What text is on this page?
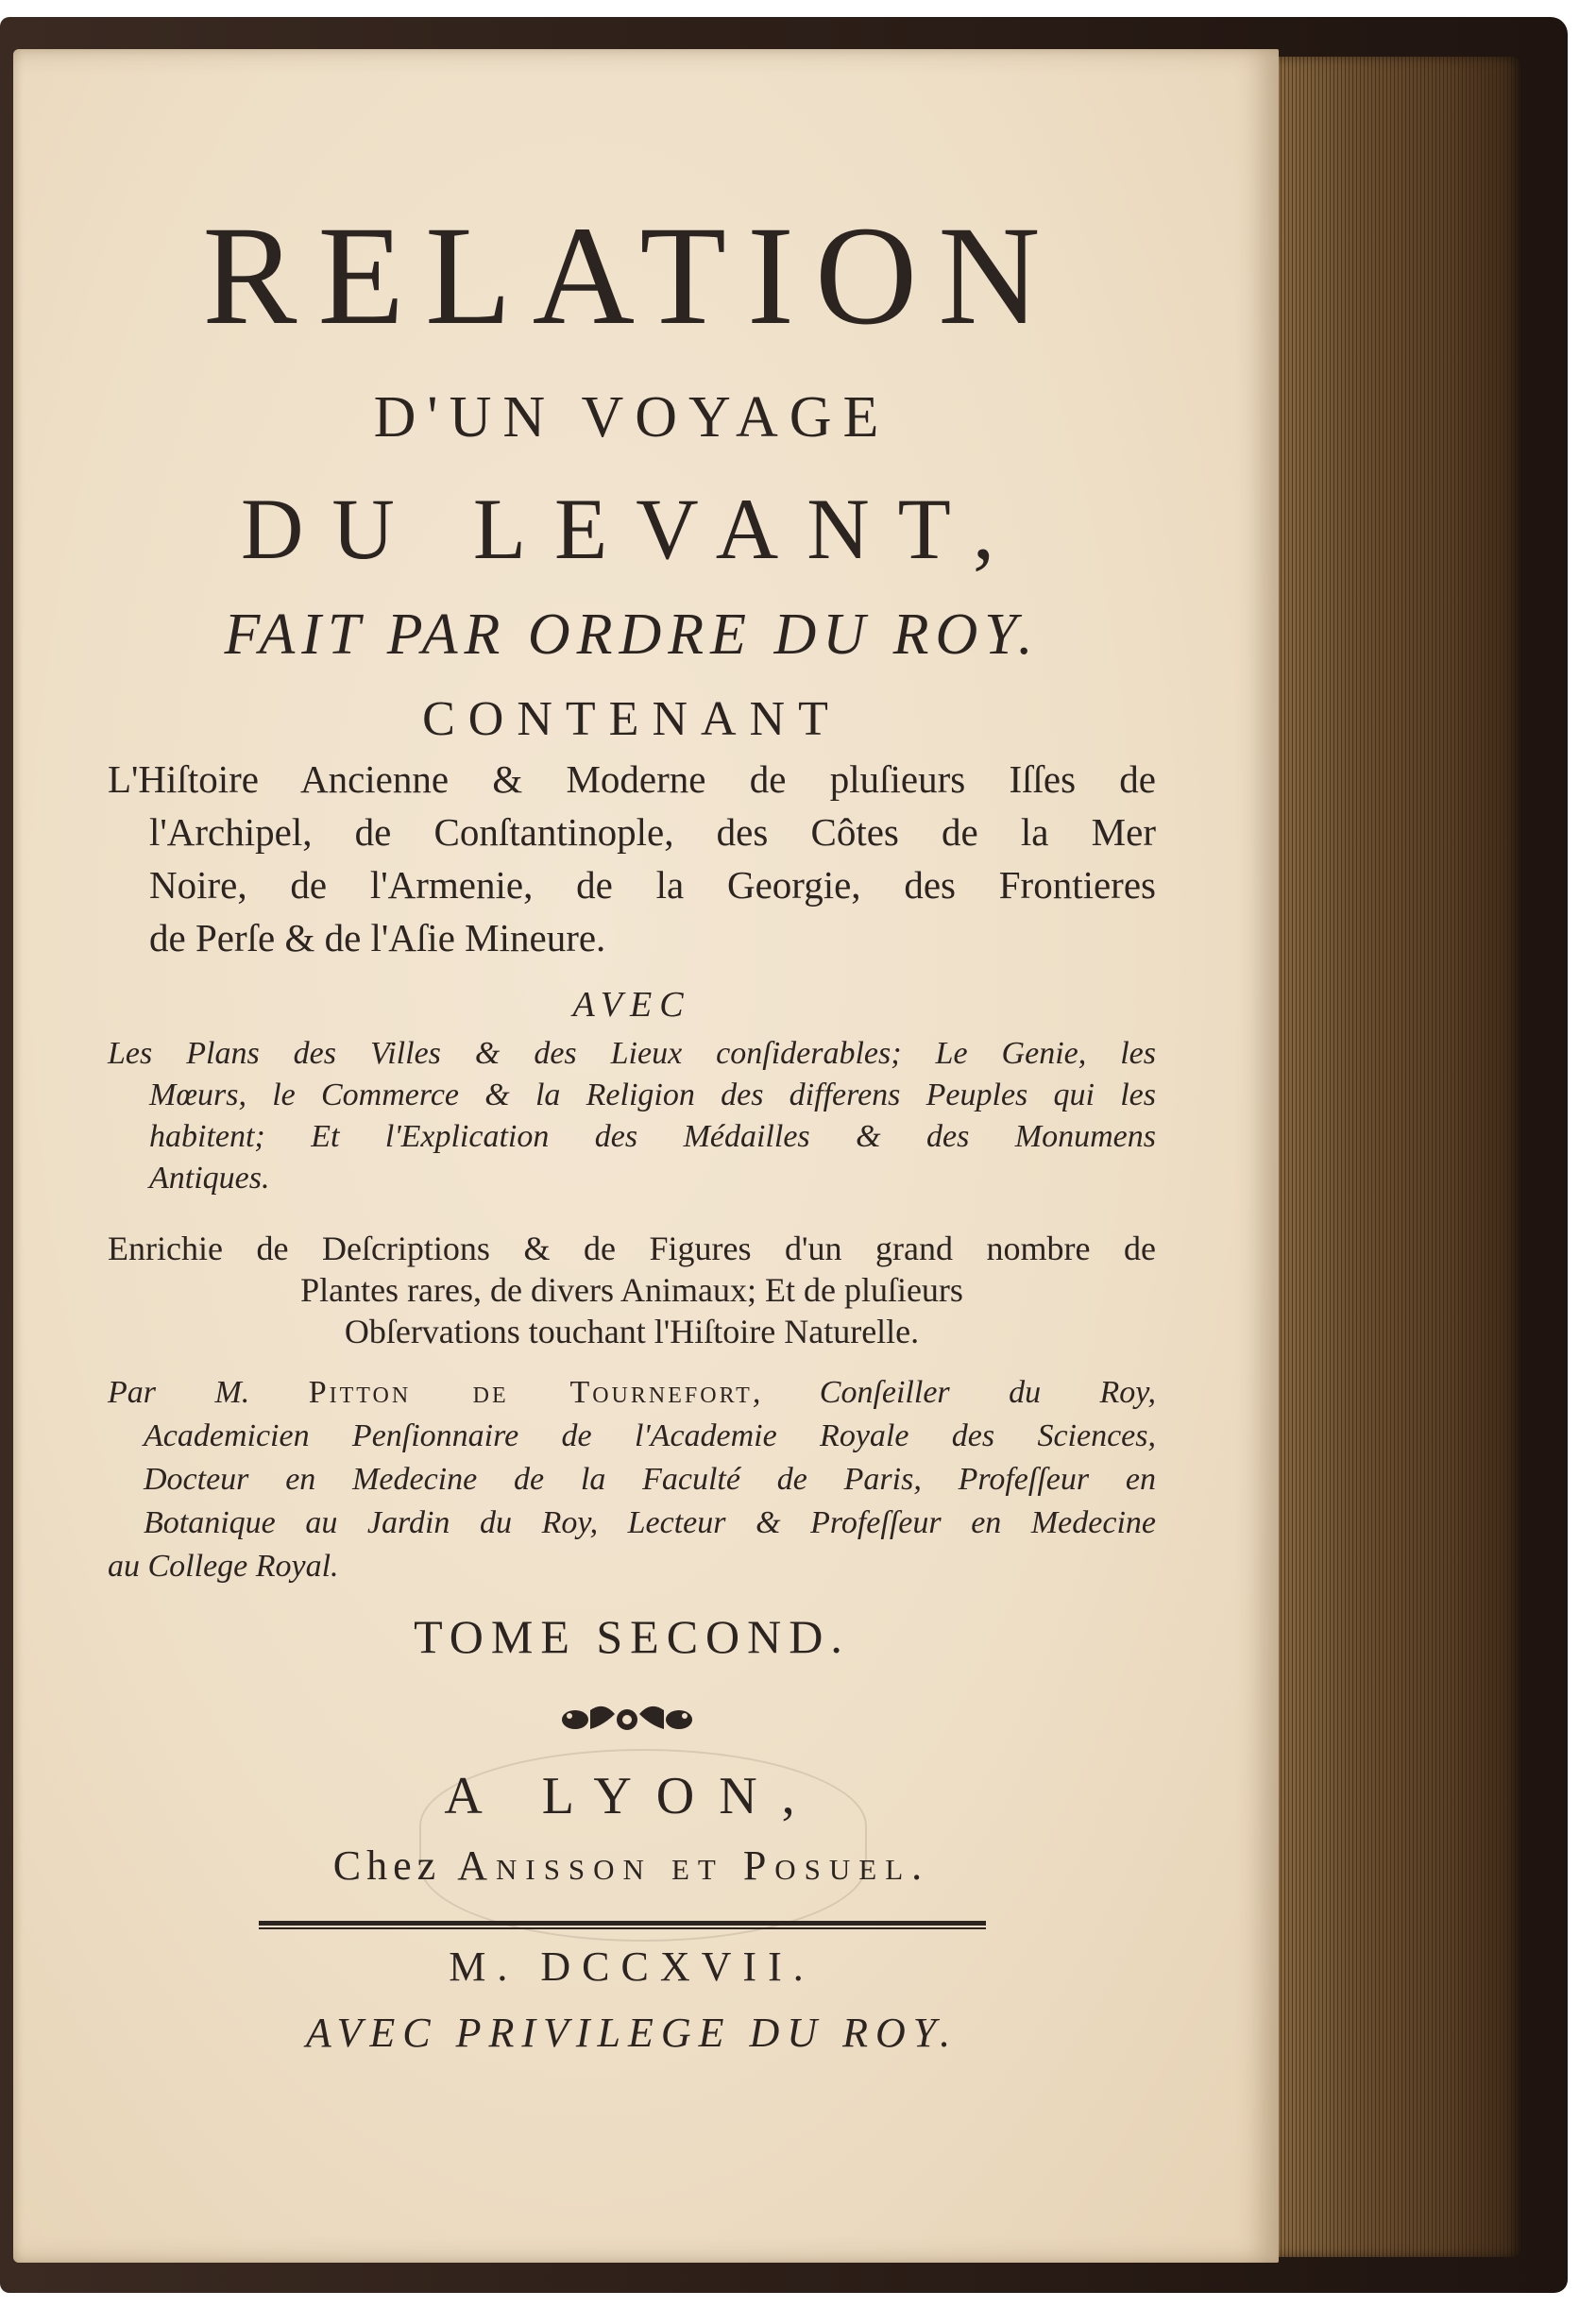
RELATION
D'UN VOYAGE
DU LEVANT,
FAIT PAR ORDRE DU ROY.
CONTENANT
L'Hiſtoire Ancienne & Moderne de pluſieurs Iſſes de
l'Archipel, de Conſtantinople, des Côtes de la Mer
Noire, de l'Armenie, de la Georgie, des Frontieres
de Perſe & de l'Aſie Mineure.
AVEC
Les Plans des Villes & des Lieux conſiderables; Le Genie, les
Mœurs, le Commerce & la Religion des differens Peuples qui les
habitent; Et l'Explication des Médailles & des Monumens
Antiques.
Enrichie de Deſcriptions & de Figures d'un grand nombre de
Plantes rares, de divers Animaux; Et de pluſieurs
Obſervations touchant l'Hiſtoire Naturelle.
Par M. Pitton de Tournefort, Conſeiller du Roy,
Academicien Penſionnaire de l'Academie Royale des Sciences,
Docteur en Medecine de la Faculté de Paris, Profeſſeur en
Botanique au Jardin du Roy, Lecteur & Profeſſeur en Medecine
au College Royal.
TOME SECOND.
A LYON,
Chez Anisson et Posuel.
M. DCCXVII.
AVEC PRIVILEGE DU ROY.
